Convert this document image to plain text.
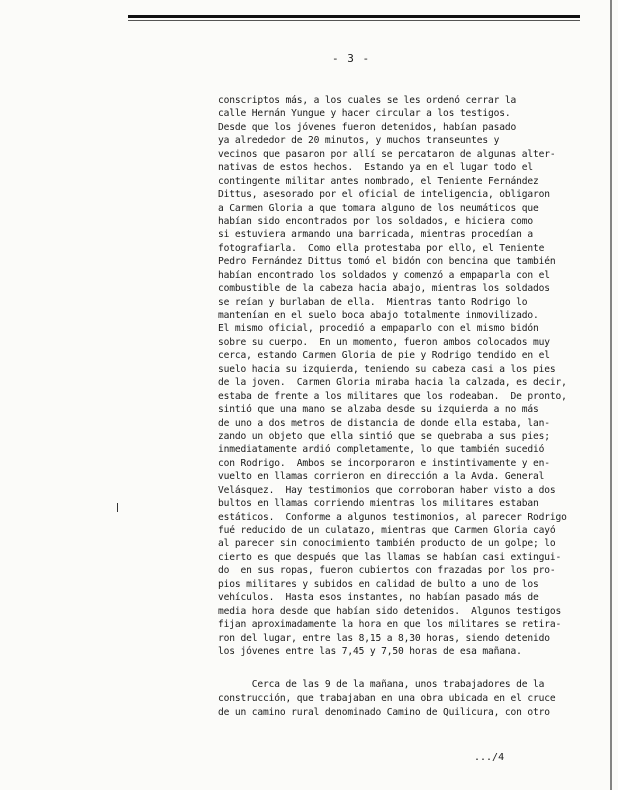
- 3 -
conscriptos más, a los cuales se les ordenó cerrar la
calle Hernán Yungue y hacer circular a los testigos.
Desde que los jóvenes fueron detenidos, habían pasado
ya alrededor de 20 minutos, y muchos transeuntes y
vecinos que pasaron por allí se percataron de algunas alter-
nativas de estos hechos.  Estando ya en el lugar todo el
contingente militar antes nombrado, el Teniente Fernández
Dittus, asesorado por el oficial de inteligencia, obligaron
a Carmen Gloria a que tomara alguno de los neumáticos que
habían sido encontrados por los soldados, e hiciera como
si estuviera armando una barricada, mientras procedían a
fotografiarla.  Como ella protestaba por ello, el Teniente
Pedro Fernández Dittus tomó el bidón con bencina que también
habían encontrado los soldados y comenzó a empaparla con el
combustible de la cabeza hacia abajo, mientras los soldados
se reían y burlaban de ella.  Mientras tanto Rodrigo lo
mantenían en el suelo boca abajo totalmente inmovilizado.
El mismo oficial, procedió a empaparlo con el mismo bidón
sobre su cuerpo.  En un momento, fueron ambos colocados muy
cerca, estando Carmen Gloria de pie y Rodrigo tendido en el
suelo hacia su izquierda, teniendo su cabeza casi a los pies
de la joven.  Carmen Gloria miraba hacia la calzada, es decir,
estaba de frente a los militares que los rodeaban.  De pronto,
sintió que una mano se alzaba desde su izquierda a no más
de uno a dos metros de distancia de donde ella estaba, lan-
zando un objeto que ella sintió que se quebraba a sus pies;
inmediatamente ardió completamente, lo que también sucedió
con Rodrigo.  Ambos se incorporaron e instintivamente y en-
vuelto en llamas corrieron en dirección a la Avda. General
Velásquez.  Hay testimonios que corroboran haber visto a dos
bultos en llamas corriendo mientras los militares estaban
estáticos.  Conforme a algunos testimonios, al parecer Rodrigo
fué reducido de un culatazo, mientras que Carmen Gloria cayó
al parecer sin conocimiento también producto de un golpe; lo
cierto es que después que las llamas se habían casi extingui-
do  en sus ropas, fueron cubiertos con frazadas por los pro-
pios militares y subidos en calidad de bulto a uno de los
vehículos.  Hasta esos instantes, no habían pasado más de
media hora desde que habían sido detenidos.  Algunos testigos
fijan aproximadamente la hora en que los militares se retira-
ron del lugar, entre las 8,15 a 8,30 horas, siendo detenido
los jóvenes entre las 7,45 y 7,50 horas de esa mañana.
Cerca de las 9 de la mañana, unos trabajadores de la
construcción, que trabajaban en una obra ubicada en el cruce
de un camino rural denominado Camino de Quilicura, con otro
...​/4
